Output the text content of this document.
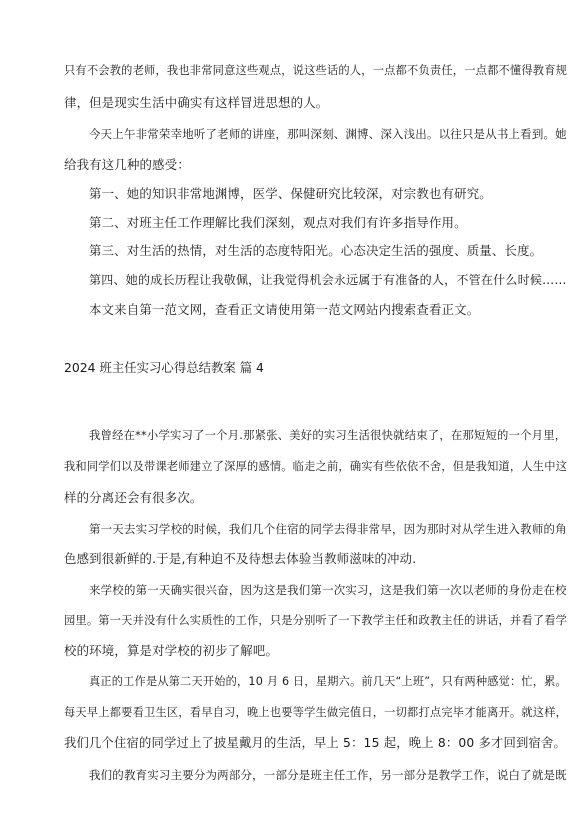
只有不会教的老师，我也非常同意这些观点，说这些话的人，一点都不负责任，一点都不懂得教育规

律，但是现实生活中确实有这样冒进思想的人。

今天上午非常荣幸地听了老师的讲座，那叫深刻、渊博、深入浅出。以往只是从书上看到。她

给我有这几种的感受：

第一、她的知识非常地渊博，医学、保健研究比较深，对宗教也有研究。

第二、对班主任工作理解比我们深刻，观点对我们有许多指导作用。

第三、对生活的热情，对生活的态度特阳光。心态决定生活的强度、质量、长度。

第四、她的成长历程让我敬佩，让我觉得机会永远属于有准备的人，不管在什么时候……

本文来自第一范文网，查看正文请使用第一范文网站内搜索查看正文。

2024 班主任实习心得总结教案 篇 4

我曾经在**小学实习了一个月.那紧张、美好的实习生活很快就结束了，在那短短的一个月里，

我和同学们以及带课老师建立了深厚的感情。临走之前，确实有些依依不舍，但是我知道，人生中这

样的分离还会有很多次。

第一天去实习学校的时候，我们几个住宿的同学去得非常早，因为那时对从学生进入教师的角

色感到很新鲜的.于是,有种迫不及待想去体验当教师滋味的冲动.

来学校的第一天确实很兴奋，因为这是我们第一次实习，这是我们第一次以老师的身份走在校

园里。第一天并没有什么实质性的工作，只是分别听了一下教学主任和政教主任的讲话，并看了看学

校的环境，算是对学校的初步了解吧。

真正的工作是从第二天开始的，10 月 6 日，星期六。前几天“上班”，只有两种感觉：忙，累。

每天早上都要看卫生区，看早自习，晚上也要等学生做完值日，一切都打点完毕才能离开。就这样，

我们几个住宿的同学过上了披星戴月的生活，早上 5：15 起，晚上 8：00 多才回到宿舍。

我们的教育实习主要分为两部分，一部分是班主任工作，另一部分是教学工作，说白了就是既
